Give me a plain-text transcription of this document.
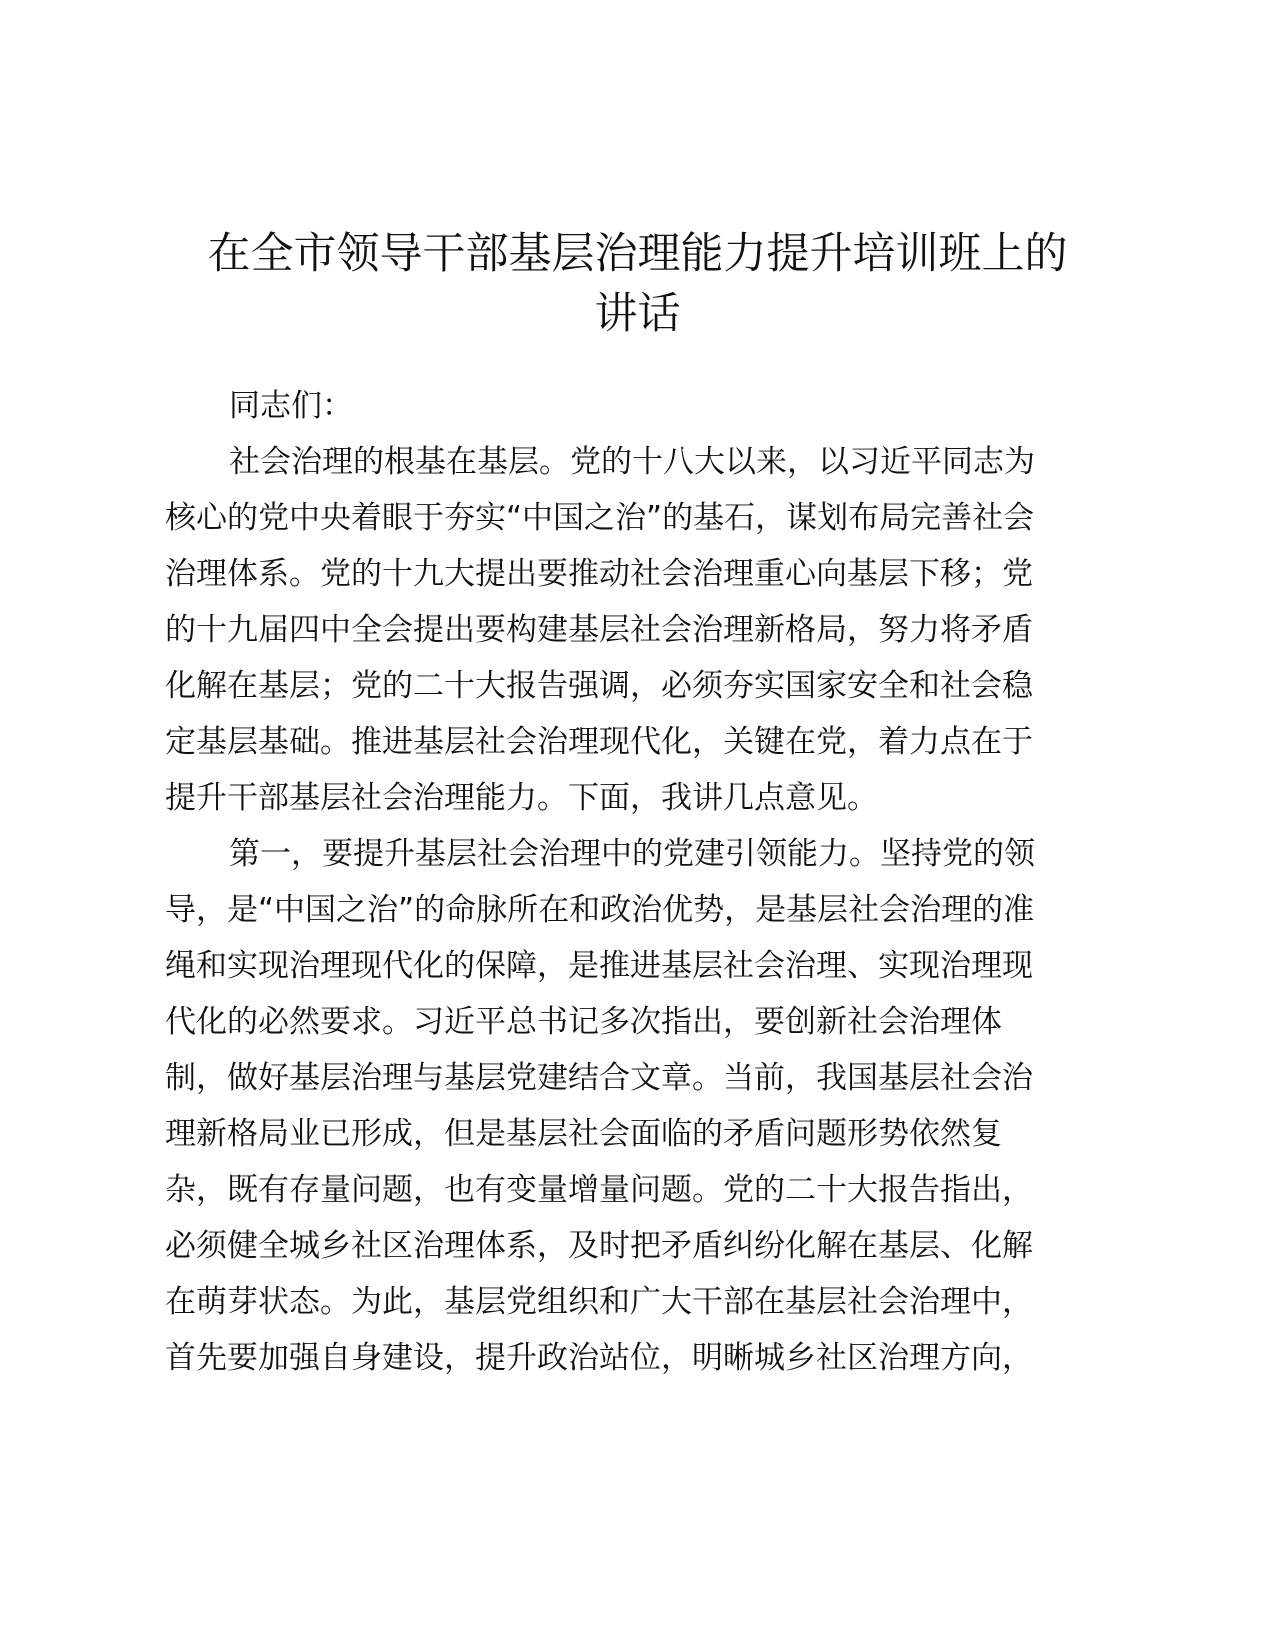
在全市领导干部基层治理能力提升培训班上的
讲话
同志们：
社会治理的根基在基层。党的十八大以来，以习近平同志为
核心的党中央着眼于夯实“中国之治”的基石，谋划布局完善社会
治理体系。党的十九大提出要推动社会治理重心向基层下移；党
的十九届四中全会提出要构建基层社会治理新格局，努力将矛盾
化解在基层；党的二十大报告强调，必须夯实国家安全和社会稳
定基层基础。推进基层社会治理现代化，关键在党，着力点在于
提升干部基层社会治理能力。下面，我讲几点意见。
第一，要提升基层社会治理中的党建引领能力。坚持党的领
导，是“中国之治”的命脉所在和政治优势，是基层社会治理的准
绳和实现治理现代化的保障，是推进基层社会治理、实现治理现
代化的必然要求。习近平总书记多次指出，要创新社会治理体
制，做好基层治理与基层党建结合文章。当前，我国基层社会治
理新格局业已形成，但是基层社会面临的矛盾问题形势依然复
杂，既有存量问题，也有变量增量问题。党的二十大报告指出，
必须健全城乡社区治理体系，及时把矛盾纠纷化解在基层、化解
在萌芽状态。为此，基层党组织和广大干部在基层社会治理中，
首先要加强自身建设，提升政治站位，明晰城乡社区治理方向，
